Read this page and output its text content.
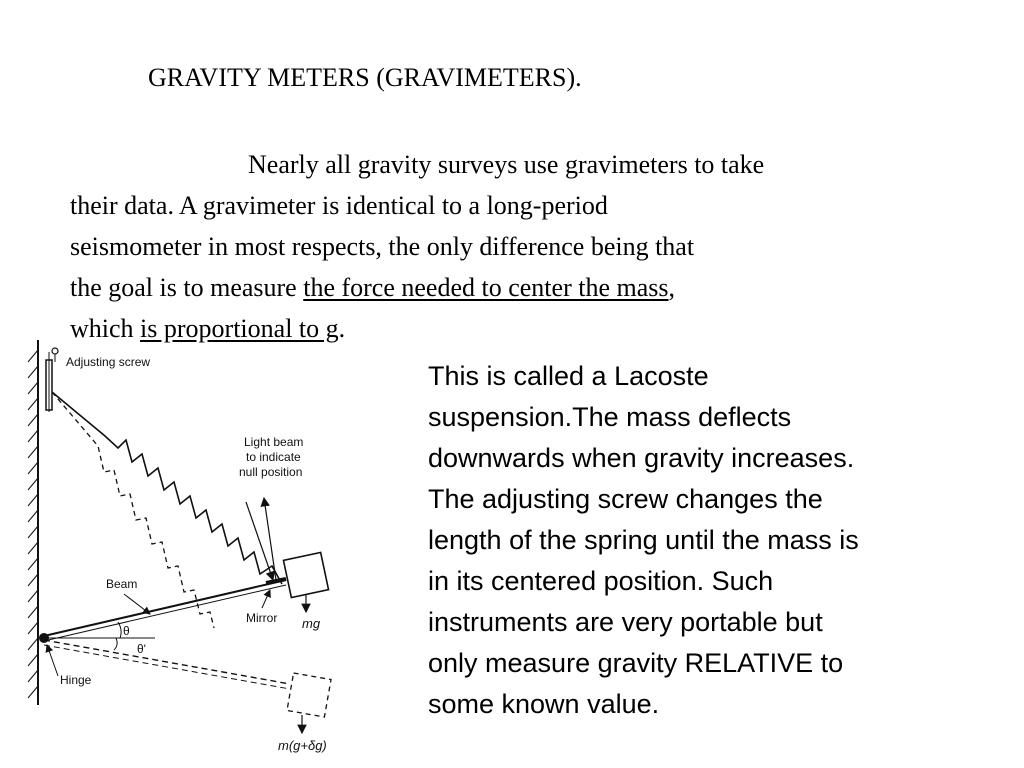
GRAVITY METERS (GRAVIMETERS).
Nearly all gravity surveys use gravimeters to take
their data. A gravimeter is identical to a long-period
seismometer in most respects, the only difference being that
the goal is to measure the force needed to center the mass,
which is proportional to g.
This is called a Lacoste
suspension.The mass deflects
downwards when gravity increases.
The adjusting screw changes the
length of the spring until the mass is
in its centered position. Such
instruments are very portable but
only measure gravity RELATIVE to
some known value.
Adjusting screw
Hinge
Beam
Mirror
Light beam
to indicate
null position
mg
θ
θ'
m(g+δg)
